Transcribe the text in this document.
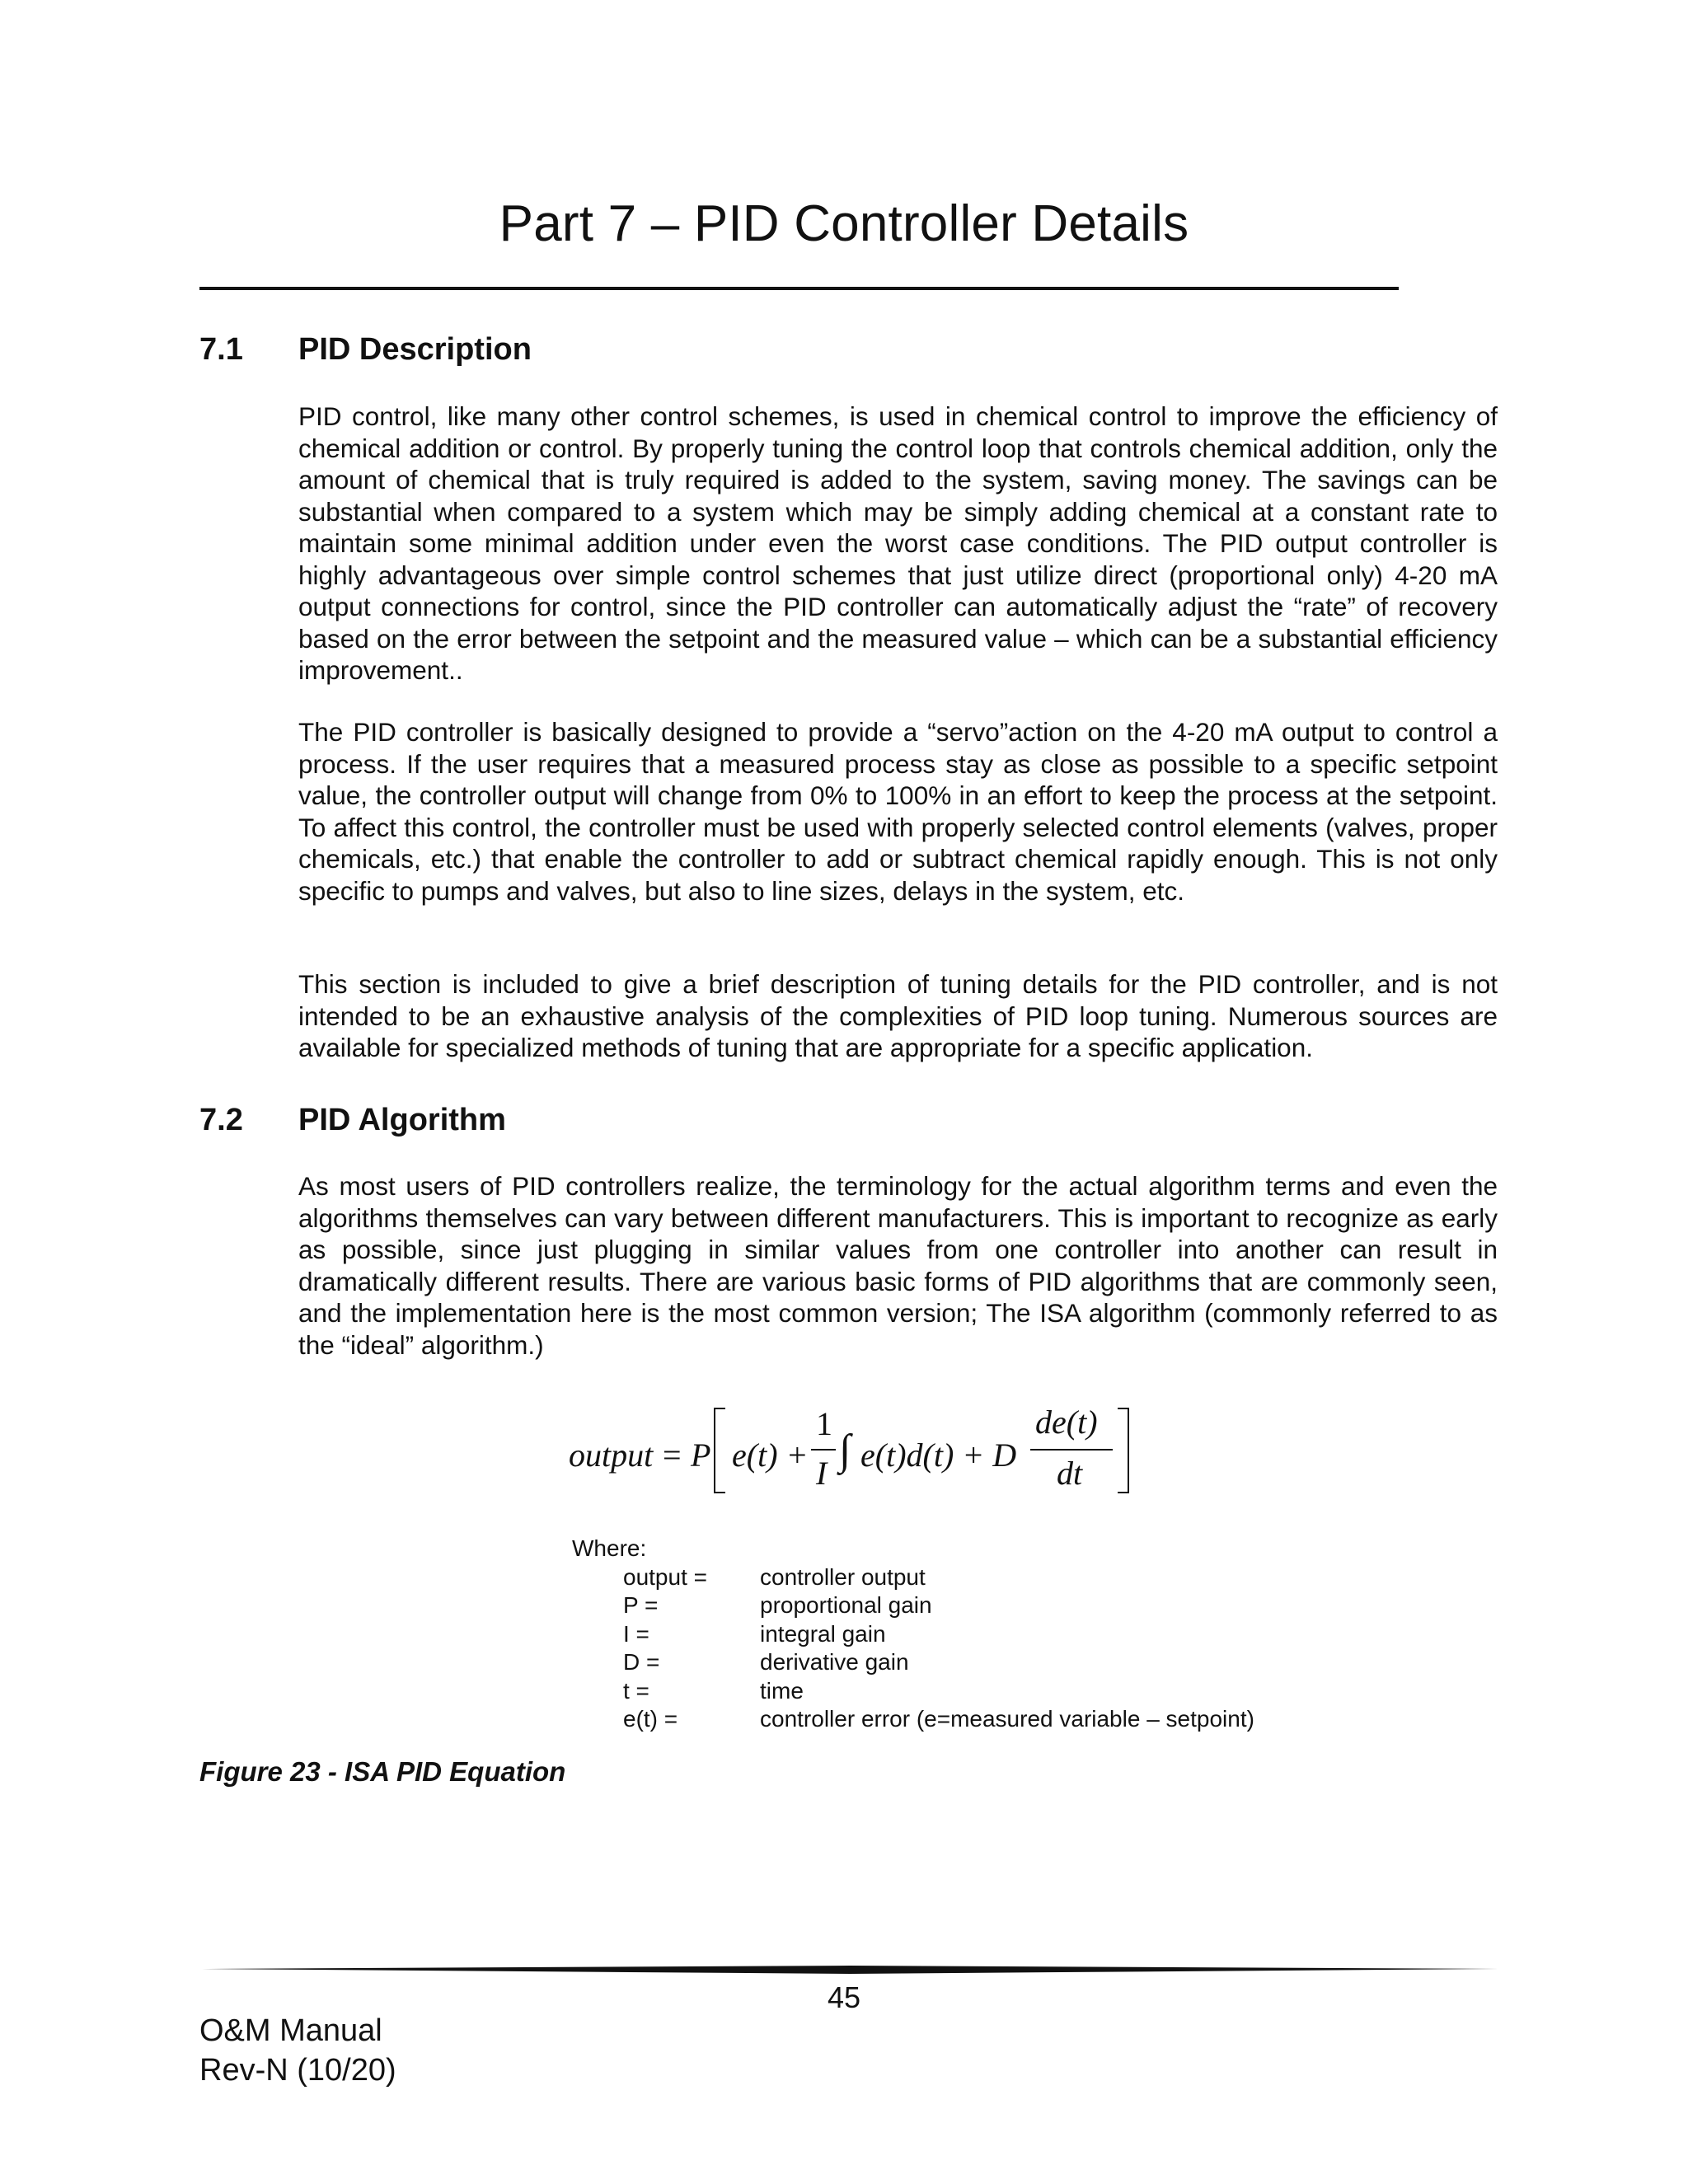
Part 7 – PID Controller Details
7.1 PID Description
PID control, like many other control schemes, is used in chemical control to improve the efficiency of chemical addition or control. By properly tuning the control loop that controls chemical addition, only the amount of chemical that is truly required is added to the system, saving money. The savings can be substantial when compared to a system which may be simply adding chemical at a constant rate to maintain some minimal addition under even the worst case conditions. The PID output controller is highly advantageous over simple control schemes that just utilize direct (proportional only) 4-20 mA output connections for control, since the PID controller can automatically adjust the “rate” of recovery based on the error between the setpoint and the measured value – which can be a substantial efficiency improvement..
The PID controller is basically designed to provide a “servo”action on the 4-20 mA output to control a process. If the user requires that a measured process stay as close as possible to a specific setpoint value, the controller output will change from 0% to 100% in an effort to keep the process at the setpoint. To affect this control, the controller must be used with properly selected control elements (valves, proper chemicals, etc.) that enable the controller to add or subtract chemical rapidly enough. This is not only specific to pumps and valves, but also to line sizes, delays in the system, etc.
This section is included to give a brief description of tuning details for the PID controller, and is not intended to be an exhaustive analysis of the complexities of PID loop tuning. Numerous sources are available for specialized methods of tuning that are appropriate for a specific application.
7.2 PID Algorithm
As most users of PID controllers realize, the terminology for the actual algorithm terms and even the algorithms themselves can vary between different manufacturers. This is important to recognize as early as possible, since just plugging in similar values from one controller into another can result in dramatically different results. There are various basic forms of PID algorithms that are commonly seen, and the implementation here is the most common version; The ISA algorithm (commonly referred to as the “ideal” algorithm.)
output = P e(t) +
1
I ∫ e(t)d(t) + D
de(t)
dt
Where:
output = controller output
P =	proportional gain
I =	integral gain
D =	derivative gain
t =	time
e(t) =	controller error (e=measured variable – setpoint)
Figure 23 - ISA PID Equation
45
O&M Manual
Rev-N (10/20)
